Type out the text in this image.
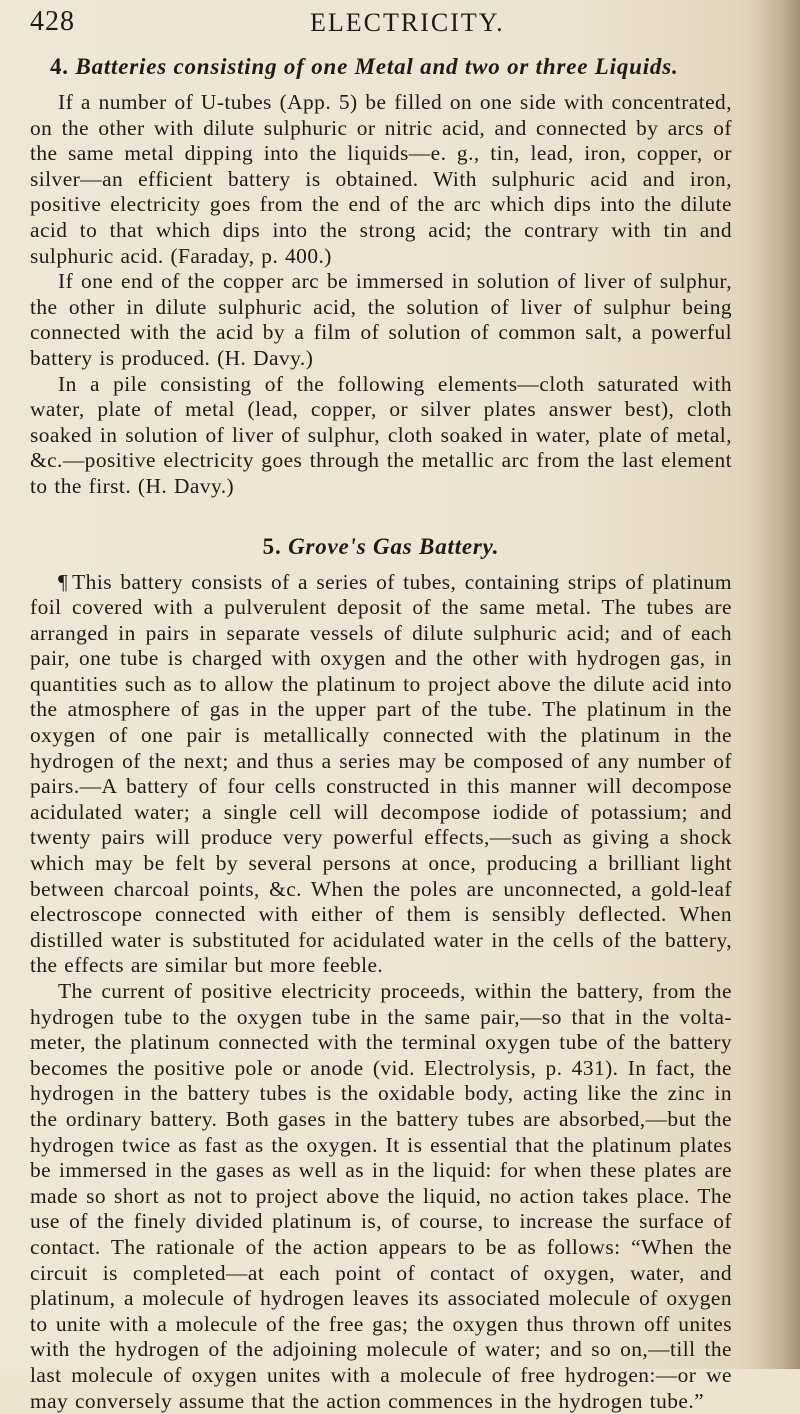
428	ELECTRICITY.
4. Batteries consisting of one Metal and two or three Liquids.

If a number of U-tubes (App. 5) be filled on one side with concentrated, on the other with dilute sulphuric or nitric acid, and connected by arcs of the same metal dipping into the liquids—e. g., tin, lead, iron, copper, or silver—an efficient battery is obtained. With sulphuric acid and iron, positive electricity goes from the end of the arc which dips into the dilute acid to that which dips into the strong acid; the contrary with tin and sulphuric acid. (Faraday, p. 400.)

If one end of the copper arc be immersed in solution of liver of sulphur, the other in dilute sulphuric acid, the solution of liver of sulphur being connected with the acid by a film of solution of common salt, a powerful battery is produced. (H. Davy.)

In a pile consisting of the following elements—cloth saturated with water, plate of metal (lead, copper, or silver plates answer best), cloth soaked in solution of liver of sulphur, cloth soaked in water, plate of metal, &c.—positive electricity goes through the metallic arc from the last element to the first. (H. Davy.)

5. Grove's Gas Battery.

¶ This battery consists of a series of tubes, containing strips of platinum foil covered with a pulverulent deposit of the same metal. The tubes are arranged in pairs in separate vessels of dilute sulphuric acid; and of each pair, one tube is charged with oxygen and the other with hydrogen gas, in quantities such as to allow the platinum to project above the dilute acid into the atmosphere of gas in the upper part of the tube. The platinum in the oxygen of one pair is metallically connected with the platinum in the hydrogen of the next; and thus a series may be composed of any number of pairs.—A battery of four cells constructed in this manner will decompose acidulated water; a single cell will decompose iodide of potassium; and twenty pairs will produce very powerful effects,—such as giving a shock which may be felt by several persons at once, producing a brilliant light between charcoal points, &c. When the poles are unconnected, a gold-leaf electroscope connected with either of them is sensibly deflected. When distilled water is substituted for acidulated water in the cells of the battery, the effects are similar but more feeble.

The current of positive electricity proceeds, within the battery, from the hydrogen tube to the oxygen tube in the same pair,—so that in the volta-meter, the platinum connected with the terminal oxygen tube of the battery becomes the positive pole or anode (vid. Electrolysis, p. 431). In fact, the hydrogen in the battery tubes is the oxidable body, acting like the zinc in the ordinary battery. Both gases in the battery tubes are absorbed,—but the hydrogen twice as fast as the oxygen. It is essential that the platinum plates be immersed in the gases as well as in the liquid: for when these plates are made so short as not to project above the liquid, no action takes place. The use of the finely divided platinum is, of course, to increase the surface of contact. The rationale of the action appears to be as follows: “When the circuit is completed—at each point of contact of oxygen, water, and platinum, a molecule of hydrogen leaves its associated molecule of oxygen to unite with a molecule of the free gas; the oxygen thus thrown off unites with the hydrogen of the adjoining molecule of water; and so on,—till the last molecule of oxygen unites with a molecule of free hydrogen:—or we may conversely assume that the action commences in the hydrogen tube.”
